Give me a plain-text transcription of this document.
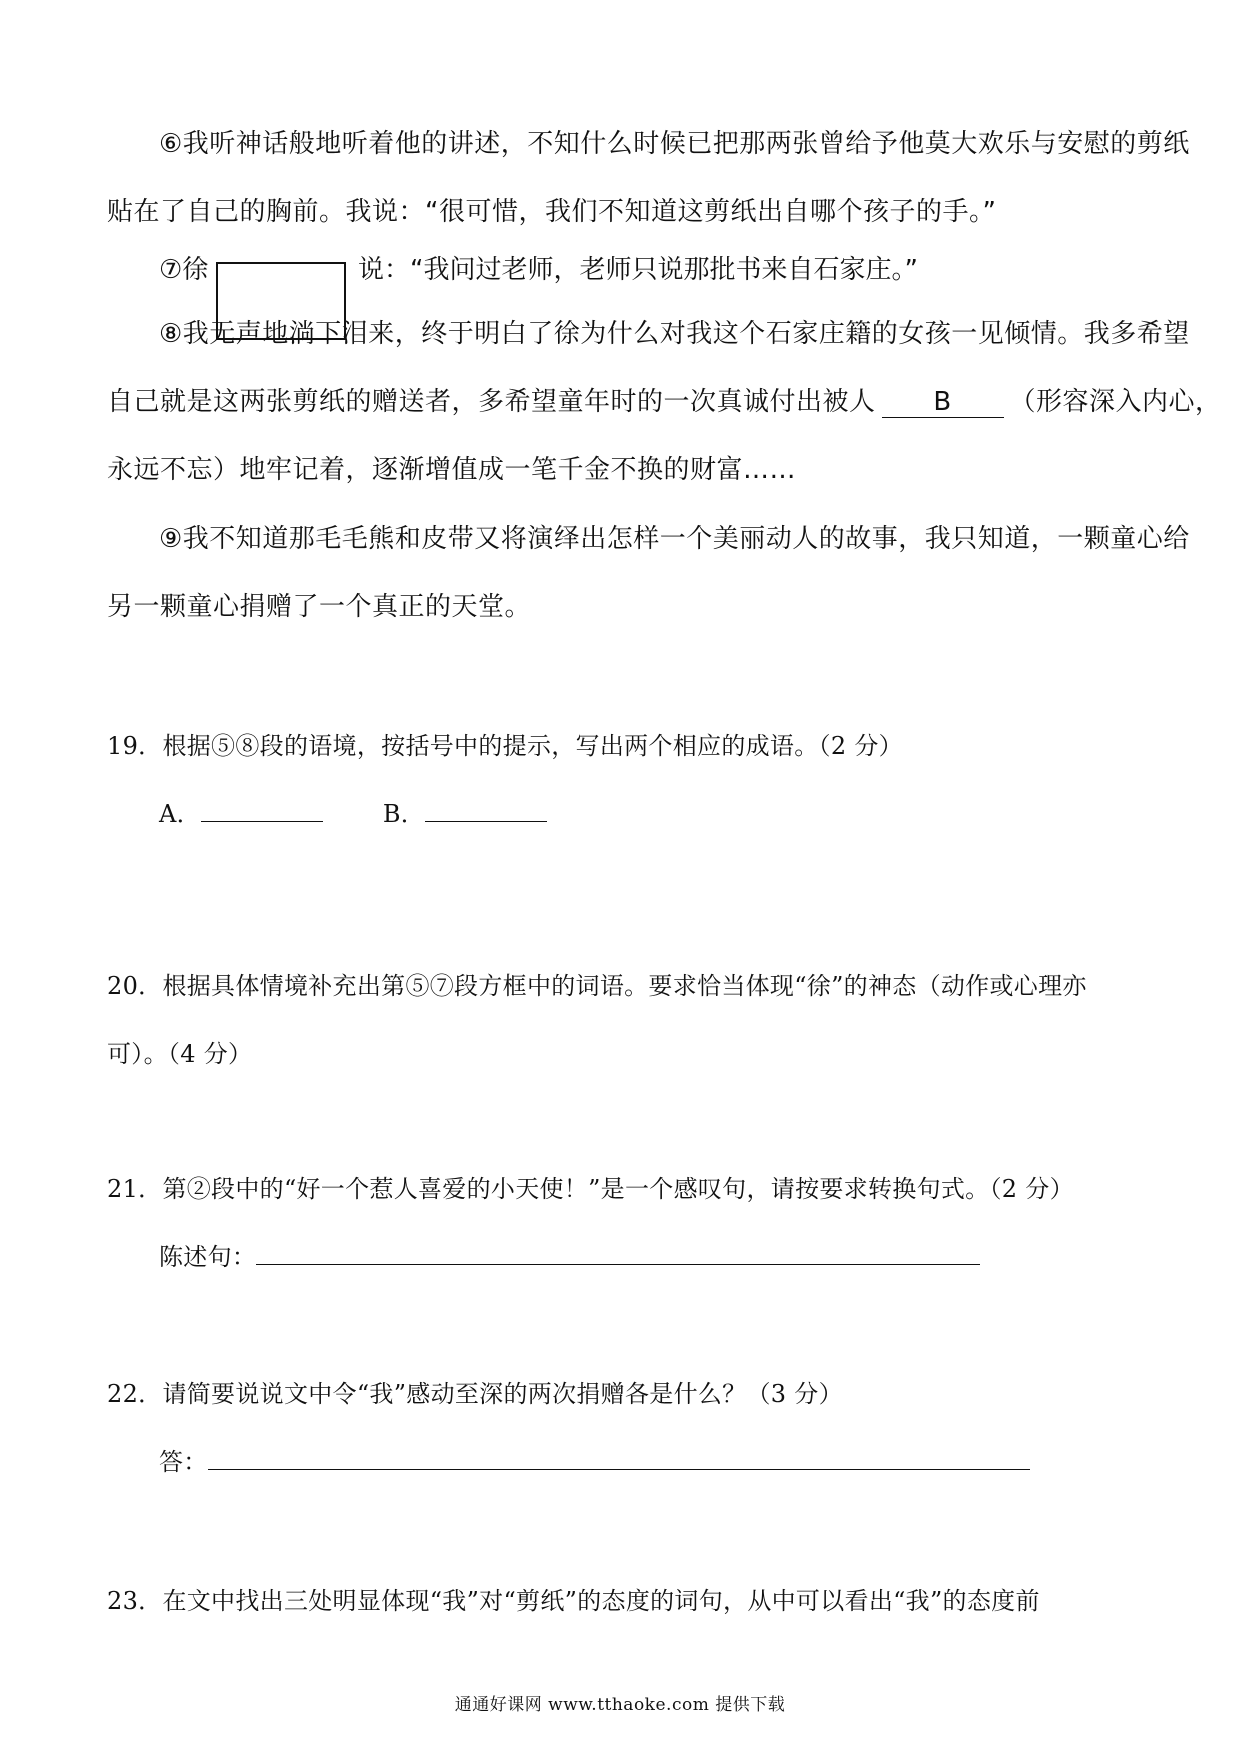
⑥我听神话般地听着他的讲述，不知什么时候已把那两张曾给予他莫大欢乐与安慰的剪纸
贴在了自己的胸前。我说：“很可惜，我们不知道这剪纸出自哪个孩子的手。”
⑦徐	说：“我问过老师，老师只说那批书来自石家庄。”
⑧我无声地淌下泪来，终于明白了徐为什么对我这个石家庄籍的女孩一见倾情。我多希望
自己就是这两张剪纸的赠送者，多希望童年时的一次真诚付出被人 B （形容深入内心，
永远不忘）地牢记着，逐渐增值成一笔千金不换的财富……
⑨我不知道那毛毛熊和皮带又将演绎出怎样一个美丽动人的故事，我只知道，一颗童心给
另一颗童心捐赠了一个真正的天堂。
19．根据⑤⑧段的语境，按括号中的提示，写出两个相应的成语。（2 分）
A．	B．
20．根据具体情境补充出第⑤⑦段方框中的词语。要求恰当体现“徐”的神态（动作或心理亦
可）。（4 分）
21．第②段中的“好一个惹人喜爱的小天使！”是一个感叹句，请按要求转换句式。（2 分）
陈述句：
22．请简要说说文中令“我”感动至深的两次捐赠各是什么？（3 分）
答：
23．在文中找出三处明显体现“我”对“剪纸”的态度的词句，从中可以看出“我”的态度前
通通好课网 www.tthaoke.com 提供下载
